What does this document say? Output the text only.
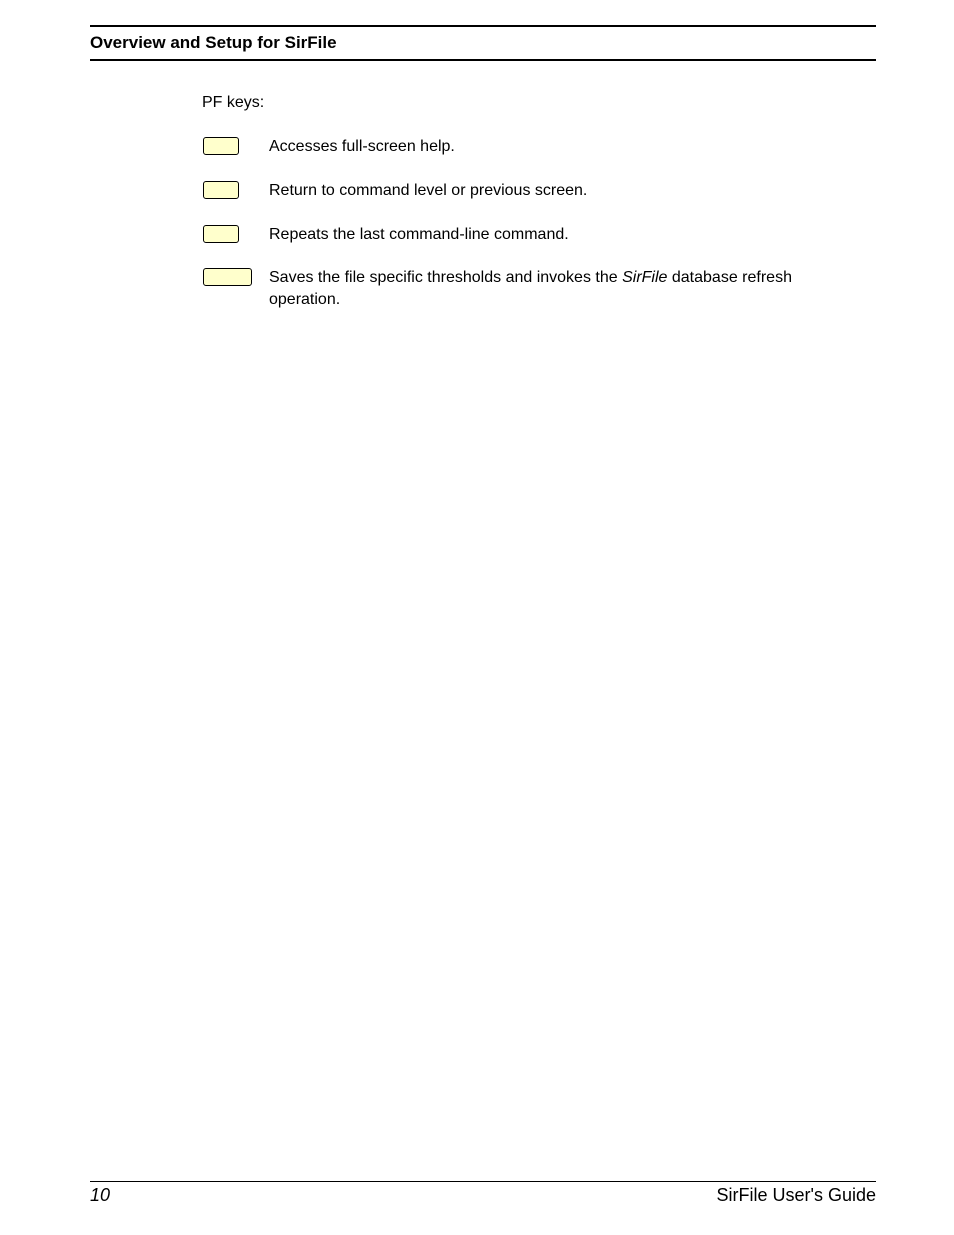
Overview and Setup for SirFile
PF keys:
Accesses full-screen help.
Return to command level or previous screen.
Repeats the last command-line command.
Saves the file specific thresholds and invokes the SirFile database refresh operation.
10	SirFile User's Guide
